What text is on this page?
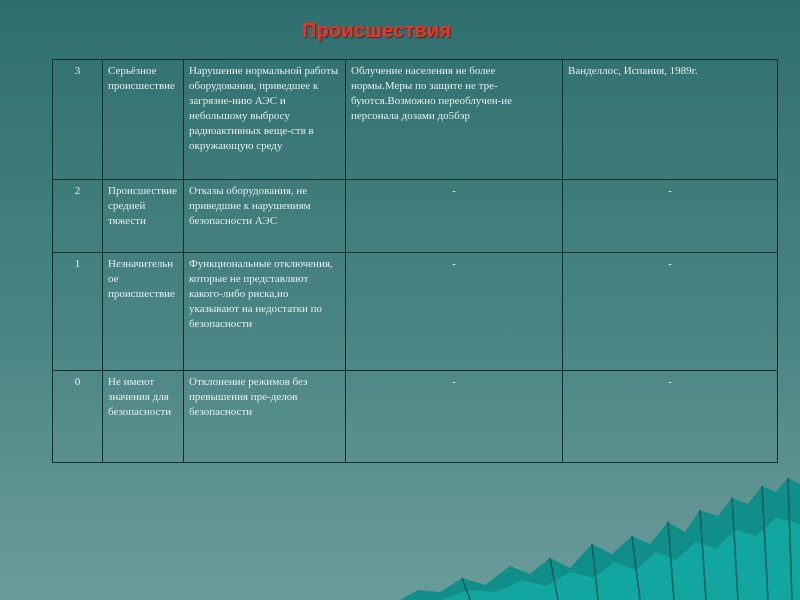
Происшествия
3	Серьёзное происшествие	Нарушение нормальной работы оборудования, приведшее к загрязне-нию АЭС и небольшому выбросу радиоактивных веще-ств в окружающую среду	Облучение населения не более нормы.Меры по защите не тре-буются.Возможно переоблучен-ие персонала дозами до5бэр	Ванделлос, Испания, 1989г.
2	Происшествие средней тяжести	Отказы оборудования, не приведшие к нарушениям безопасности АЭС	-	-
1	Незначительное происшествие	Функциональные отключения, которые не представляют какого-либо риска,но указывают на недостатки по безопасности	-	-
0	Не имеют значения для безопасности	Отклонение режимов без превышения пре-делов безопасности	-	-
